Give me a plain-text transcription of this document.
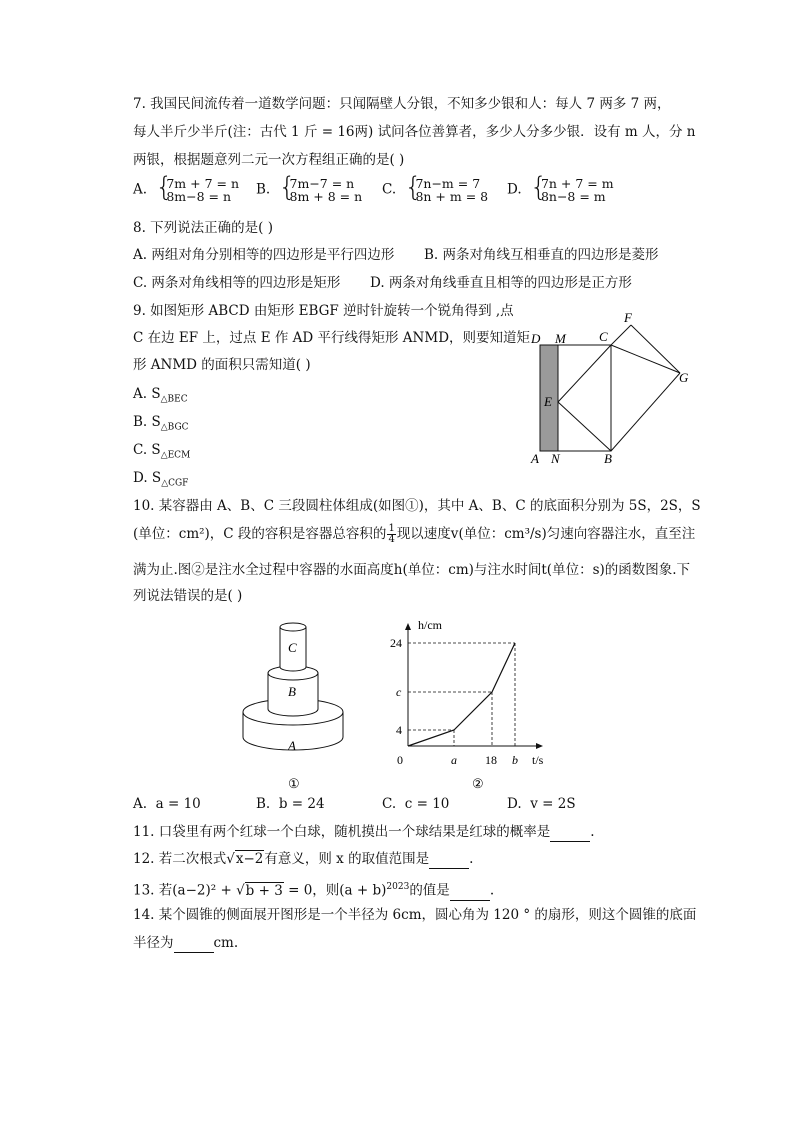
7. 我国民间流传着一道数学问题：只闻隔壁人分银，不知多少银和人：每人 7 两多 7 两，
每人半斤少半斤(注：古代 1 斤 = 16两) 试问各位善算者，多少人分多少银．设有 m 人，分 n
两银，根据题意列二元一次方程组正确的是( )
A. { 7m + 7 = n
8m−8 = n	B. { 7m−7 = n
8m + 8 = n C. { 7n−m = 7
8n + m = 8 D. { 7n + 7 = m
8n−8 = m
8. 下列说法正确的是( )
A. 两组对角分别相等的四边形是平行四边形 B. 两条对角线互相垂直的四边形是菱形
C. 两条对角线相等的四边形是矩形 D. 两条对角线垂直且相等的四边形是正方形
9. 如图矩形 ABCD 由矩形 EBGF 逆时针旋转一个锐角得到 ,点
C 在边 EF 上，过点 E 作 AD 平行线得矩形 ANMD，则要知道矩
形 ANMD 的面积只需知道( )
A. $S_{\triangle BEC}$
B. $S_{\triangle BGC}$
C. $S_{\triangle ECM}$
D. $S_{\triangle CGF}$
D M	C
F
G
E
A N	B
10. 某容器由 A、B、C 三段圆柱体组成(如图①)，其中 A、B、C 的底面积分别为 5S，2S，S
(单位：cm²)，C 段的容积是容器总容积的 $\frac{1}{4}$ 现以速度v(单位：cm³/s)匀速向容器注水，直至注
满为止.图②是注水全过程中容器的水面高度h(单位：cm)与注水时间t(单位：s)的函数图象.下
列说法错误的是( )
C
B
A
①
a 18 b
4
c
24
h/cm
t/s
0
②
A. a = 10	B. b = 24	C. c = 10	D. v = 2S
11. 口袋里有两个红球一个白球，随机摸出一个球结果是红球的概率是	.
12. 若二次根式√x−2有意义，则 x 的取值范围是	.
13. 若(a−2)² + √b + 3 = 0，则$(a + b)^{2023}$的值是	.
14. 某个圆锥的侧面展开图形是一个半径为 6cm，圆心角为 120 ° 的扇形，则这个圆锥的底面
半径为	cm.
